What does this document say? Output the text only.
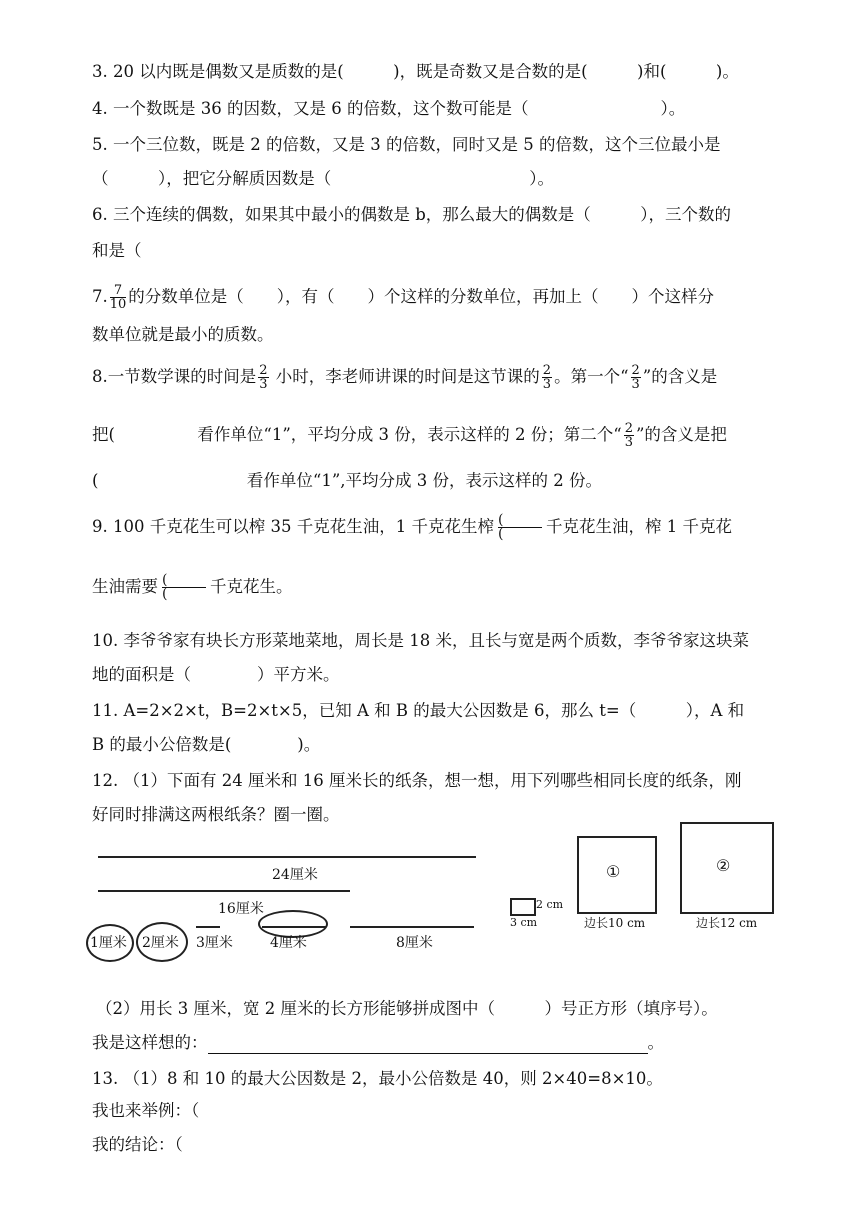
3. 20 以内既是偶数又是质数的是(　　　)，既是奇数又是合数的是(　　　)和(　　　)。
4. 一个数既是 36 的因数，又是 6 的倍数，这个数可能是（　　　　　　　　）。
5. 一个三位数，既是 2 的倍数，又是 3 的倍数，同时又是 5 的倍数，这个三位最小是
（　　　），把它分解质因数是（　　　　　　　　　　　　）。
6. 三个连续的偶数，如果其中最小的偶数是 b，那么最大的偶数是（　　　），三个数的
和是（
7. $\frac{7}{10}$ 的分数单位是（　　），有（　　）个这样的分数单位，再加上（　　）个这样分
数单位就是最小的质数。
8.一节数学课的时间是 $\frac{2}{3}$ 小时，李老师讲课的时间是这节课的 $\frac{2}{3}$ 。第一个“ $\frac{2}{3}$ ”的含义是
把(　　　　　看作单位“1”，平均分成 3 份，表示这样的 2 份；第二个“ $\frac{2}{3}$ ”的含义是把
(　　　　　　　　　看作单位“1”,平均分成 3 份，表示这样的 2 份。
9. 100 千克花生可以榨 35 千克花生油，1 千克花生榨 (
(	千克花生油，榨 1 千克花
生油需要 (
(	千克花生。
10. 李爷爷家有块长方形菜地菜地，周长是 18 米，且长与宽是两个质数，李爷爷家这块菜
地的面积是（　　　　）平方米。
11. A=2×2×t，B=2×t×5，已知 A 和 B 的最大公因数是 6，那么 t=（　　　），A 和
B 的最小公倍数是(　　　　)。
12. （1）下面有 24 厘米和 16 厘米长的纸条，想一想，用下列哪些相同长度的纸条，刚
好同时排满这两根纸条？圈一圈。
24厘米
16厘米
1厘米 2厘米 3厘米	4厘米	8厘米
2 cm
3 cm
①
边长10 cm
②
边长12 cm
（2）用长 3 厘米，宽 2 厘米的长方形能够拼成图中（　　　）号正方形（填序号）。
我是这样想的：	。
13. （1）8 和 10 的最大公因数是 2，最小公倍数是 40，则 2×40=8×10。
我也来举例：（
我的结论：（
